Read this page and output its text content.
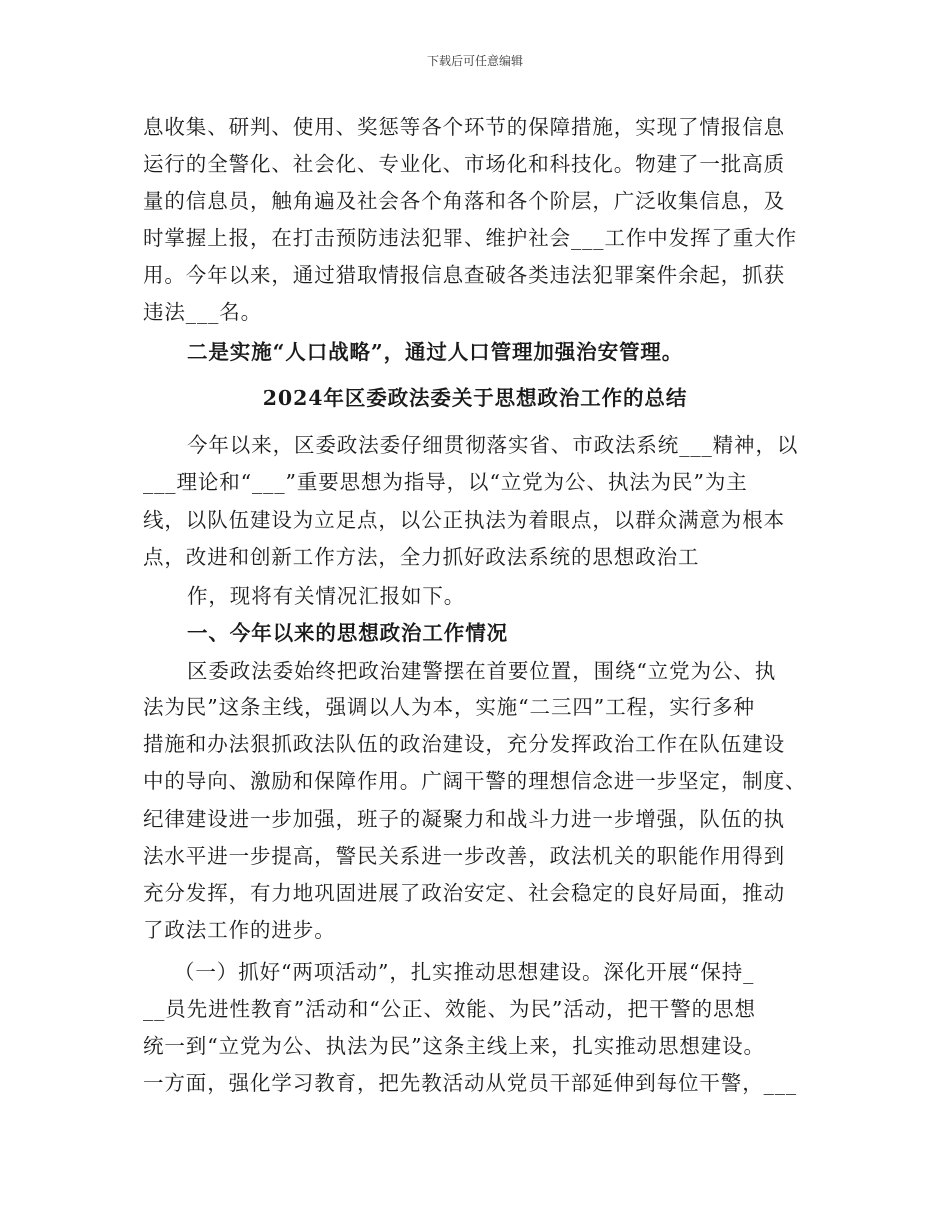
下载后可任意编辑
息收集、研判、使用、奖惩等各个环节的保障措施，实现了情报信息
运行的全警化、社会化、专业化、市场化和科技化。物建了一批高质
量的信息员，触角遍及社会各个角落和各个阶层，广泛收集信息，及
时掌握上报，在打击预防违法犯罪、维护社会___工作中发挥了重大作
用。今年以来，通过猎取情报信息查破各类违法犯罪案件余起，抓获
违法___名。
二是实施“人口战略”，通过人口管理加强治安管理。
2024年区委政法委关于思想政治工作的总结
今年以来，区委政法委仔细贯彻落实省、市政法系统___精神，以
___理论和“___”重要思想为指导，以“立党为公、执法为民”为主
线，以队伍建设为立足点，以公正执法为着眼点，以群众满意为根本
点，改进和创新工作方法，全力抓好政法系统的思想政治工
作，现将有关情况汇报如下。
一、今年以来的思想政治工作情况
区委政法委始终把政治建警摆在首要位置，围绕“立党为公、执
法为民”这条主线，强调以人为本，实施“二三四”工程，实行多种
措施和办法狠抓政法队伍的政治建设，充分发挥政治工作在队伍建设
中的导向、激励和保障作用。广阔干警的理想信念进一步坚定，制度、
纪律建设进一步加强，班子的凝聚力和战斗力进一步增强，队伍的执
法水平进一步提高，警民关系进一步改善，政法机关的职能作用得到
充分发挥，有力地巩固进展了政治安定、社会稳定的良好局面，推动
了政法工作的进步。
（一）抓好“两项活动”，扎实推动思想建设。深化开展“保持_
__员先进性教育”活动和“公正、效能、为民”活动，把干警的思想
统一到“立党为公、执法为民”这条主线上来，扎实推动思想建设。
一方面，强化学习教育，把先教活动从党员干部延伸到每位干警，___
